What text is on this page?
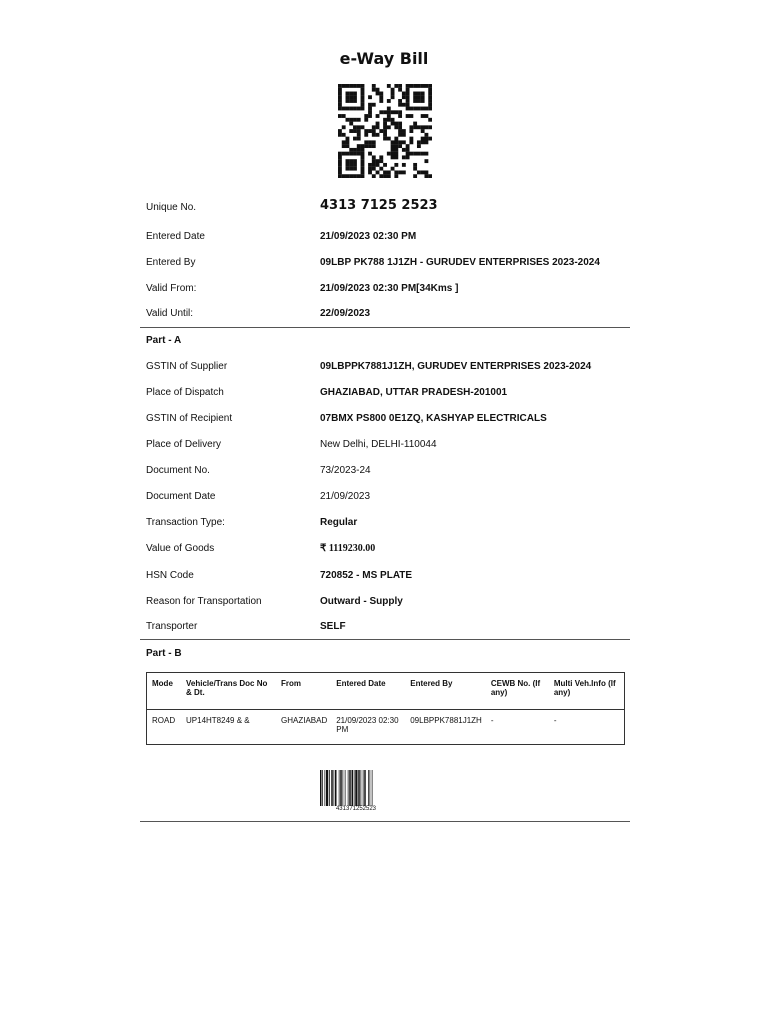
e-Way Bill
Unique No.	4313 7125 2523
Entered Date	21/09/2023 02:30 PM
Entered By	09LBP PK788 1J1ZH - GURUDEV ENTERPRISES 2023-2024
Valid From:	21/09/2023 02:30 PM[34Kms ]
Valid Until:	22/09/2023
Part - A
GSTIN of Supplier	09LBPPK7881J1ZH, GURUDEV ENTERPRISES 2023-2024
Place of Dispatch	GHAZIABAD, UTTAR PRADESH-201001
GSTIN of Recipient	07BMX PS800 0E1ZQ, KASHYAP ELECTRICALS
Place of Delivery	New Delhi, DELHI-110044
Document No.	73/2023-24
Document Date	21/09/2023
Transaction Type:	Regular
Value of Goods	₹ 1119230.00
HSN Code	720852 - MS PLATE
Reason for Transportation	Outward - Supply
Transporter	SELF
Part - B
Mode	Vehicle/Trans Doc No & Dt.	From	Entered Date	Entered By	CEWB No. (If any)	Multi Veh.Info (If any)
ROAD	UP14HT8249 & &	GHAZIABAD	21/09/2023 02:30 PM	09LBPPK7881J1ZH	-	-
431371252523
